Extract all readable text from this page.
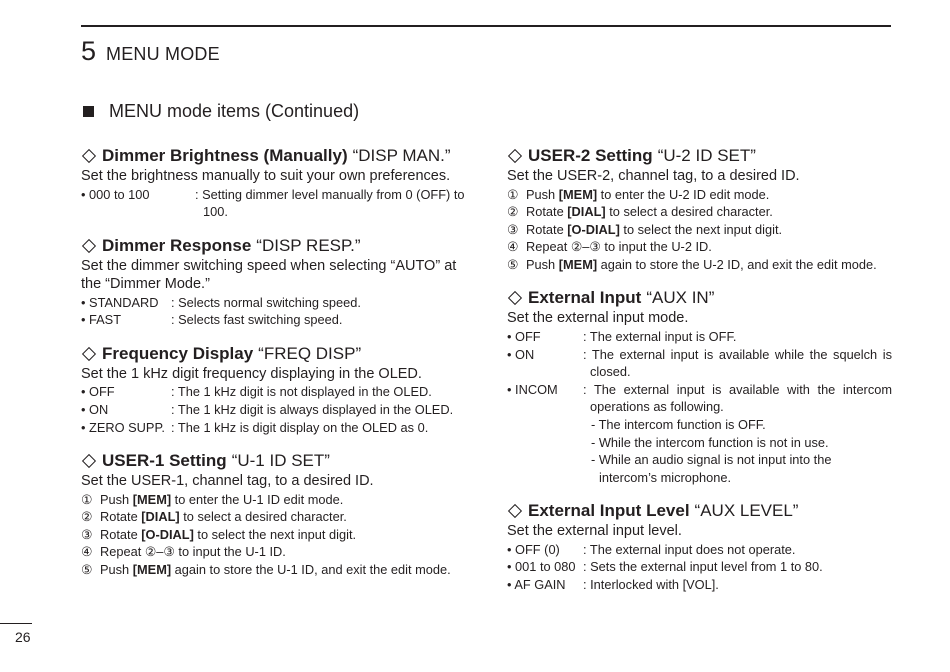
5 MENU MODE
MENU mode items (Continued)
Dimmer Brightness (Manually) “DISP MAN.”
Set the brightness manually to suit your own preferences.
• 000 to 100	: Setting dimmer level manually from 0 (OFF) to 100.
Dimmer Response “DISP RESP.”
Set the dimmer switching speed when selecting “AUTO” at the “Dimmer Mode.”
• STANDARD : Selects normal switching speed.
• FAST	: Selects fast switching speed.
Frequency Display “FREQ DISP”
Set the 1 kHz digit frequency displaying in the OLED.
• OFF	: The 1 kHz digit is not displayed in the OLED.
• ON	: The 1 kHz digit is always displayed in the OLED.
• ZERO SUPP. : The 1 kHz is digit display on the OLED as 0.
USER-1 Setting “U-1 ID SET”
Set the USER-1, channel tag, to a desired ID.
① Push [MEM] to enter the U-1 ID edit mode.
② Rotate [DIAL] to select a desired character.
③ Rotate [O-DIAL] to select the next input digit.
④ Repeat ②–③ to input the U-1 ID.
⑤ Push [MEM] again to store the U-1 ID, and exit the edit mode.
USER-2 Setting “U-2 ID SET”
Set the USER-2, channel tag, to a desired ID.
① Push [MEM] to enter the U-2 ID edit mode.
② Rotate [DIAL] to select a desired character.
③ Rotate [O-DIAL] to select the next input digit.
④ Repeat ②–③ to input the U-2 ID.
⑤ Push [MEM] again to store the U-2 ID, and exit the edit mode.
External Input “AUX IN”
Set the external input mode.
• OFF	: The external input is OFF.
• ON	: The external input is available while the squelch is closed.
• INCOM	: The external input is available with the intercom operations as following.
- The intercom function is OFF.
- While the intercom function is not in use.
- While an audio signal is not input into the intercom’s microphone.
External Input Level “AUX LEVEL”
Set the external input level.
• OFF (0)	: The external input does not operate.
• 001 to 080 : Sets the external input level from 1 to 80.
• AF GAIN	: Interlocked with [VOL].
26
